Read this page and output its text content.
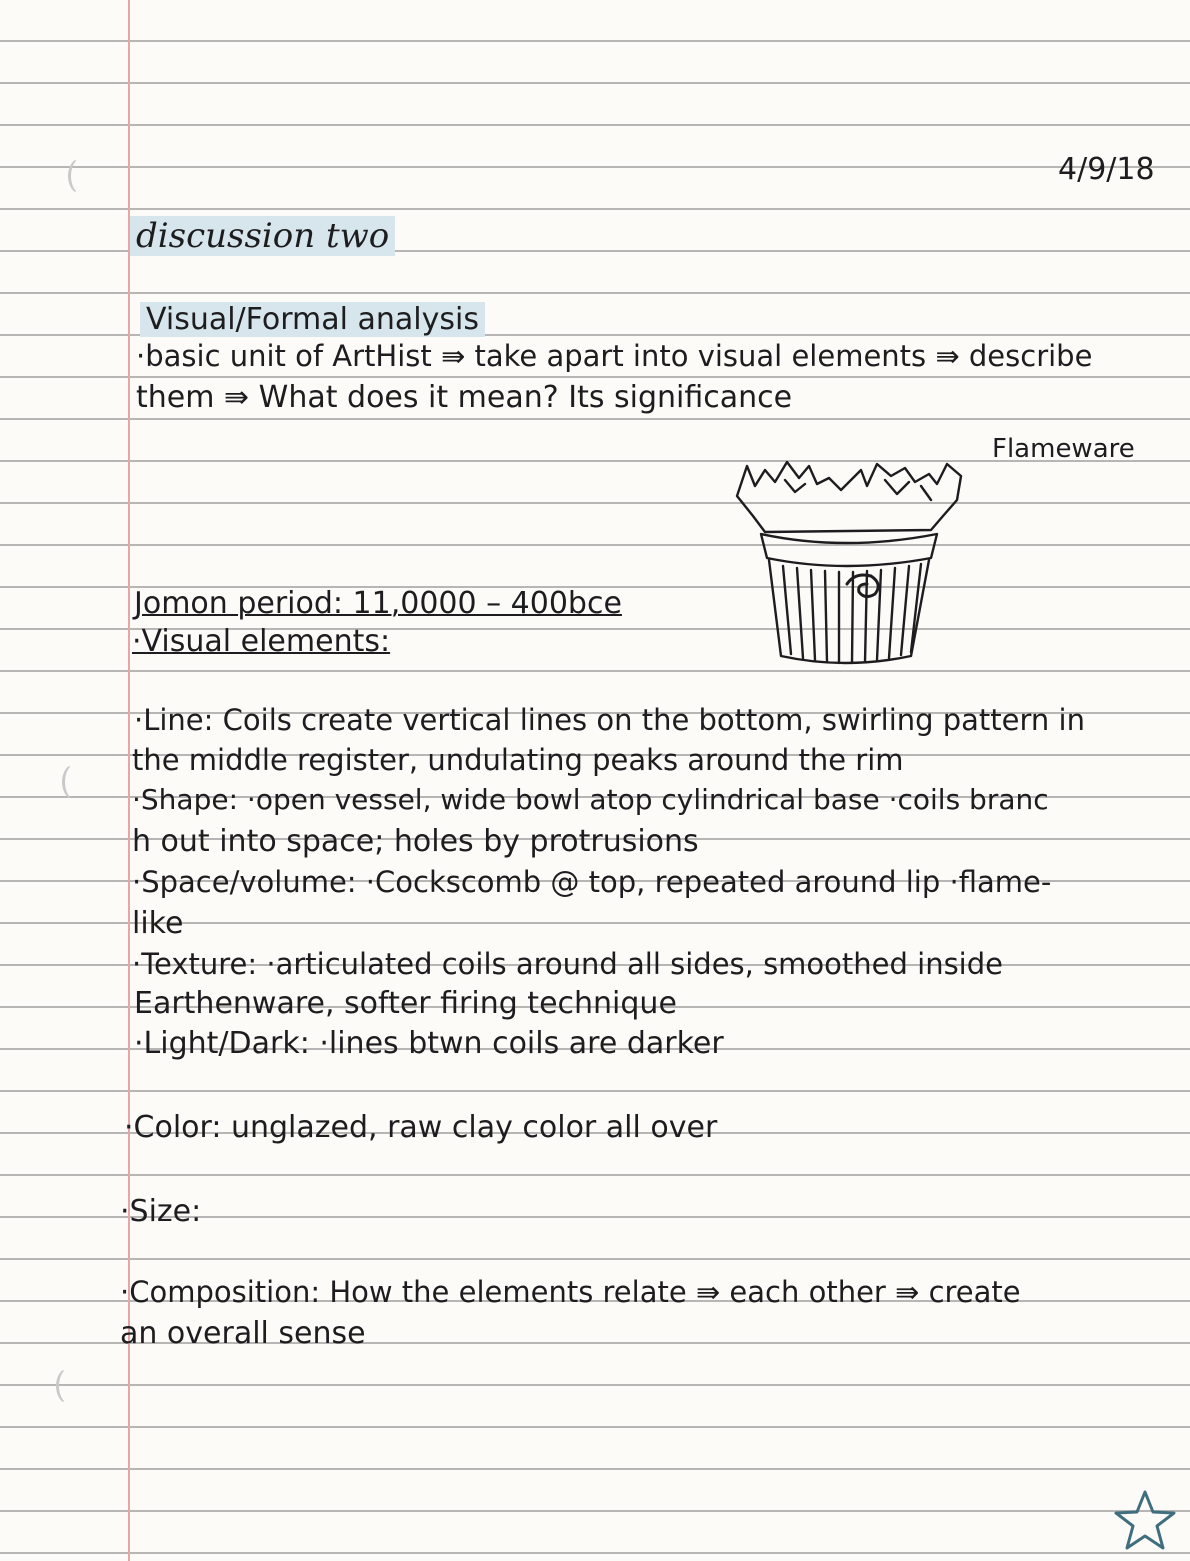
4/9/18
discussion two
Visual/Formal analysis
·basic unit of ArtHist ⇛ take apart into visual elements ⇛ describe
them ⇛ What does it mean? Its significance
Flameware
Jomon period: 11,0000 – 400bce
·Visual elements:
·Line: Coils create vertical lines on the bottom, swirling pattern in
the middle register, undulating peaks around the rim
·Shape: ·open vessel, wide bowl atop cylindrical base ·coils branc
h out into space; holes by protrusions
·Space/volume: ·Cockscomb @ top, repeated around lip ·flame-
like
·Texture: ·articulated coils around all sides, smoothed inside
Earthenware, softer firing technique
·Light/Dark: ·lines btwn coils are darker
·Color: unglazed, raw clay color all over
·Size:
·Composition: How the elements relate ⇛ each other ⇛ create
an overall sense
